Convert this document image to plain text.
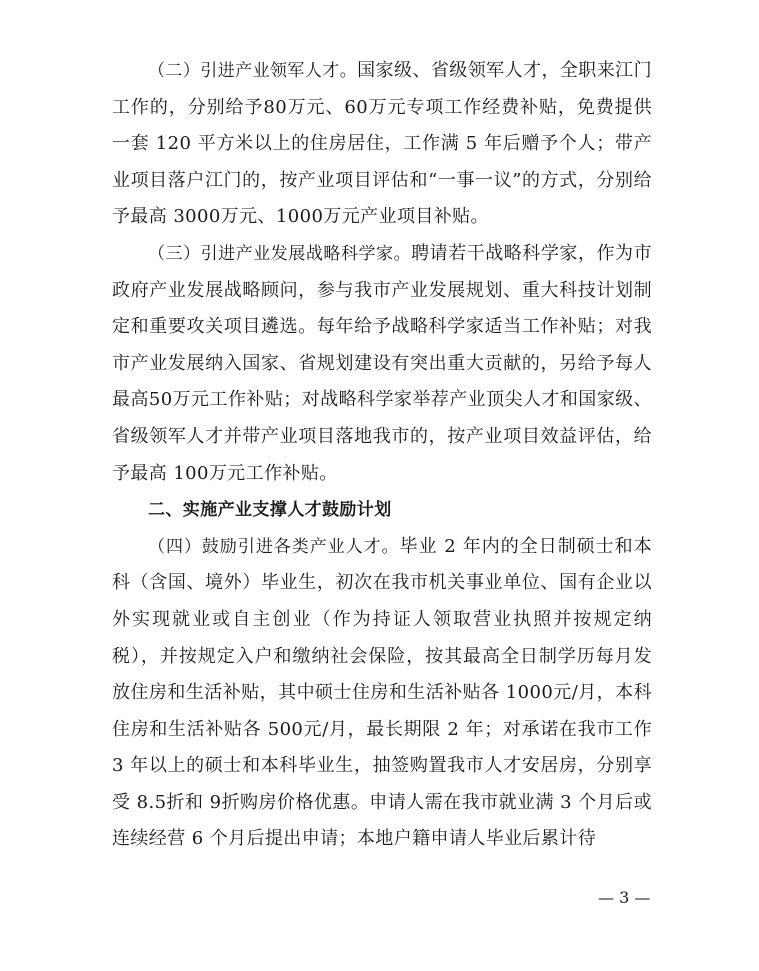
（二）引进产业领军人才。国家级、省级领军人才，全职来江门工作的，分别给予80万元、60万元专项工作经费补贴，免费提供一套 120 平方米以上的住房居住，工作满 5 年后赠予个人；带产业项目落户江门的，按产业项目评估和“一事一议”的方式，分别给予最高 3000万元、1000万元产业项目补贴。

（三）引进产业发展战略科学家。聘请若干战略科学家，作为市政府产业发展战略顾问，参与我市产业发展规划、重大科技计划制定和重要攻关项目遴选。每年给予战略科学家适当工作补贴；对我市产业发展纳入国家、省规划建设有突出重大贡献的，另给予每人最高50万元工作补贴；对战略科学家举荐产业顶尖人才和国家级、省级领军人才并带产业项目落地我市的，按产业项目效益评估，给予最高 100万元工作补贴。

二、实施产业支撑人才鼓励计划

（四）鼓励引进各类产业人才。毕业 2 年内的全日制硕士和本科（含国、境外）毕业生，初次在我市机关事业单位、国有企业以外实现就业或自主创业（作为持证人领取营业执照并按规定纳税），并按规定入户和缴纳社会保险，按其最高全日制学历每月发放住房和生活补贴，其中硕士住房和生活补贴各 1000元/月，本科住房和生活补贴各 500元/月，最长期限 2 年；对承诺在我市工作 3 年以上的硕士和本科毕业生，抽签购置我市人才安居房，分别享受 8.5折和 9折购房价格优惠。申请人需在我市就业满 3 个月后或连续经营 6 个月后提出申请；本地户籍申请人毕业后累计待

— 3 —
